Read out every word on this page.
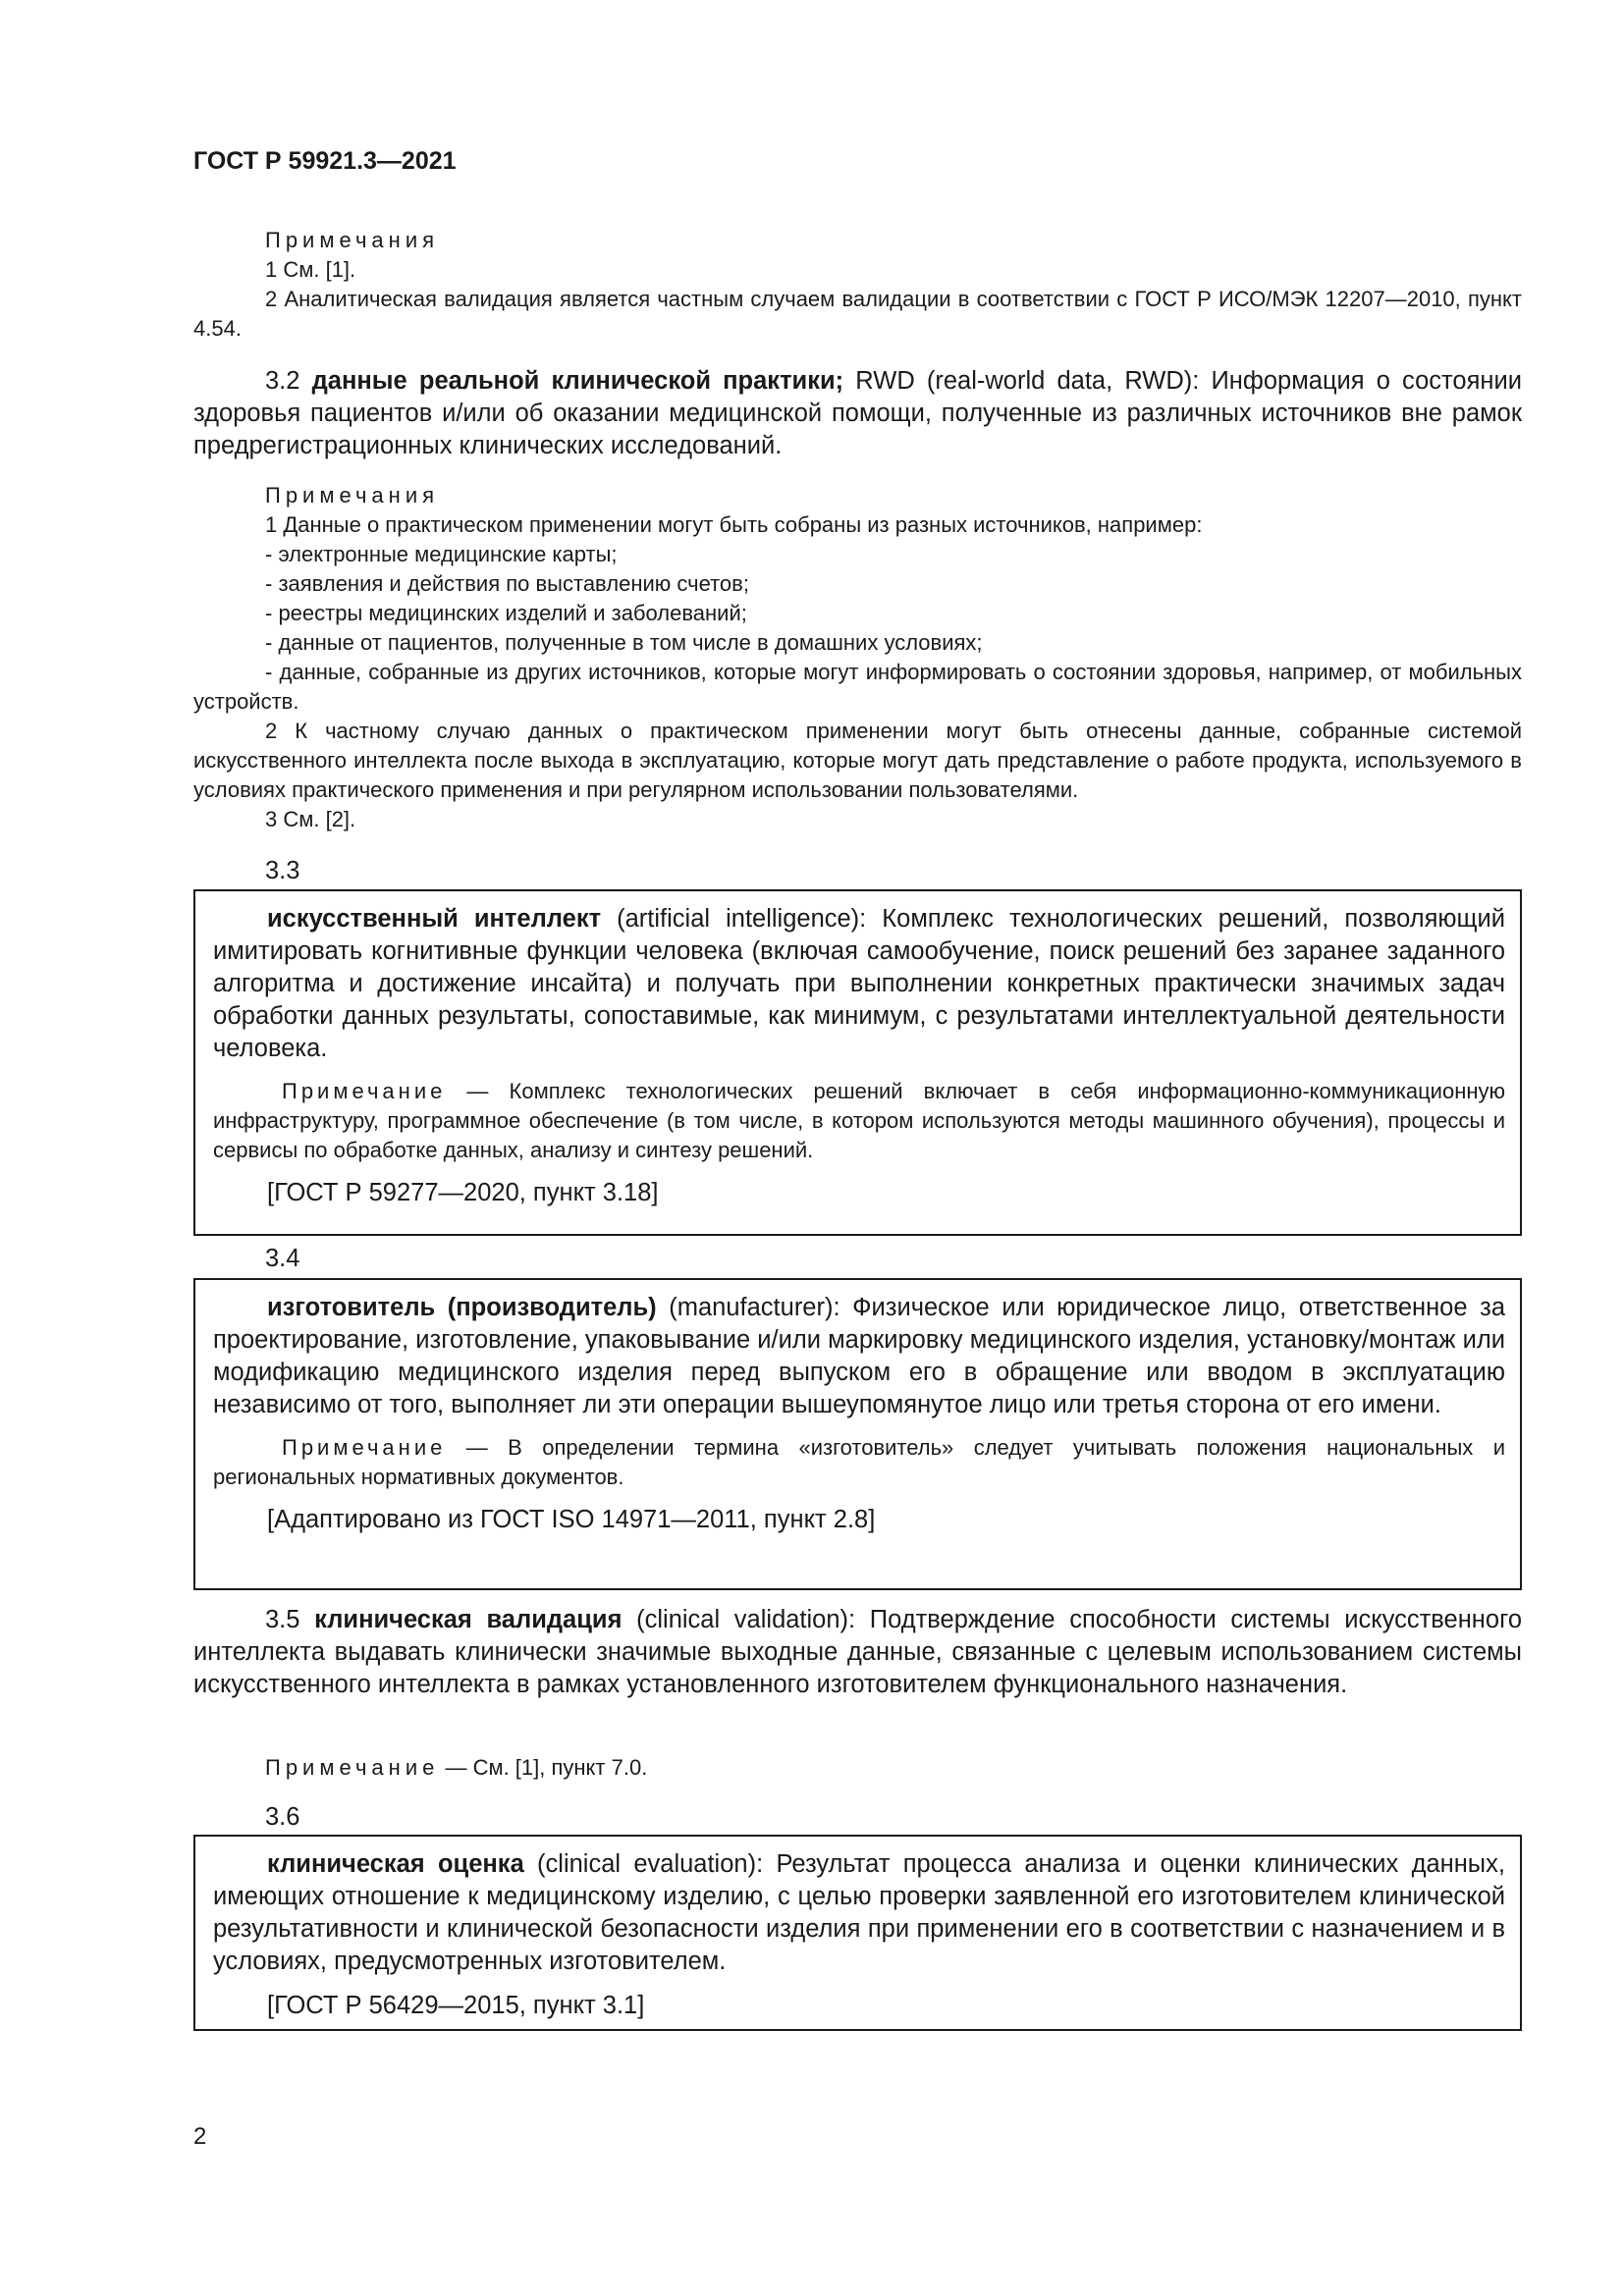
ГОСТ Р 59921.3—2021

Примечания

1 См. [1].

2 Аналитическая валидация является частным случаем валидации в соответствии с ГОСТ Р ИСО/МЭК 12207—2010, пункт 4.54.

3.2 данные реальной клинической практики; RWD (real-world data, RWD): Информация о состоянии здоровья пациентов и/или об оказании медицинской помощи, полученные из различных источников вне рамок предрегистрационных клинических исследований.

Примечания

1 Данные о практическом применении могут быть собраны из разных источников, например:

- электронные медицинские карты;

- заявления и действия по выставлению счетов;

- реестры медицинских изделий и заболеваний;

- данные от пациентов, полученные в том числе в домашних условиях;

- данные, собранные из других источников, которые могут информировать о состоянии здоровья, например, от мобильных устройств.

2 К частному случаю данных о практическом применении могут быть отнесены данные, собранные системой искусственного интеллекта после выхода в эксплуатацию, которые могут дать представление о работе продукта, используемого в условиях практического применения и при регулярном использовании пользователями.

3 См. [2].

3.3

искусственный интеллект (artificial intelligence): Комплекс технологических решений, позволяющий имитировать когнитивные функции человека (включая самообучение, поиск решений без заранее заданного алгоритма и достижение инсайта) и получать при выполнении конкретных практически значимых задач обработки данных результаты, сопоставимые, как минимум, с результатами интеллектуальной деятельности человека.

Примечание — Комплекс технологических решений включает в себя информационно-коммуникационную инфраструктуру, программное обеспечение (в том числе, в котором используются методы машинного обучения), процессы и сервисы по обработке данных, анализу и синтезу решений.

[ГОСТ Р 59277—2020, пункт 3.18]

3.4

изготовитель (производитель) (manufacturer): Физическое или юридическое лицо, ответственное за проектирование, изготовление, упаковывание и/или маркировку медицинского изделия, установку/монтаж или модификацию медицинского изделия перед выпуском его в обращение или вводом в эксплуатацию независимо от того, выполняет ли эти операции вышеупомянутое лицо или третья сторона от его имени.

Примечание — В определении термина «изготовитель» следует учитывать положения национальных и региональных нормативных документов.

[Адаптировано из ГОСТ ISO 14971—2011, пункт 2.8]

3.5 клиническая валидация (clinical validation): Подтверждение способности системы искусственного интеллекта выдавать клинически значимые выходные данные, связанные с целевым использованием системы искусственного интеллекта в рамках установленного изготовителем функционального назначения.

Примечание — См. [1], пункт 7.0.

3.6

клиническая оценка (clinical evaluation): Результат процесса анализа и оценки клинических данных, имеющих отношение к медицинскому изделию, с целью проверки заявленной его изготовителем клинической результативности и клинической безопасности изделия при применении его в соответствии с назначением и в условиях, предусмотренных изготовителем.

[ГОСТ Р 56429—2015, пункт 3.1]

2
